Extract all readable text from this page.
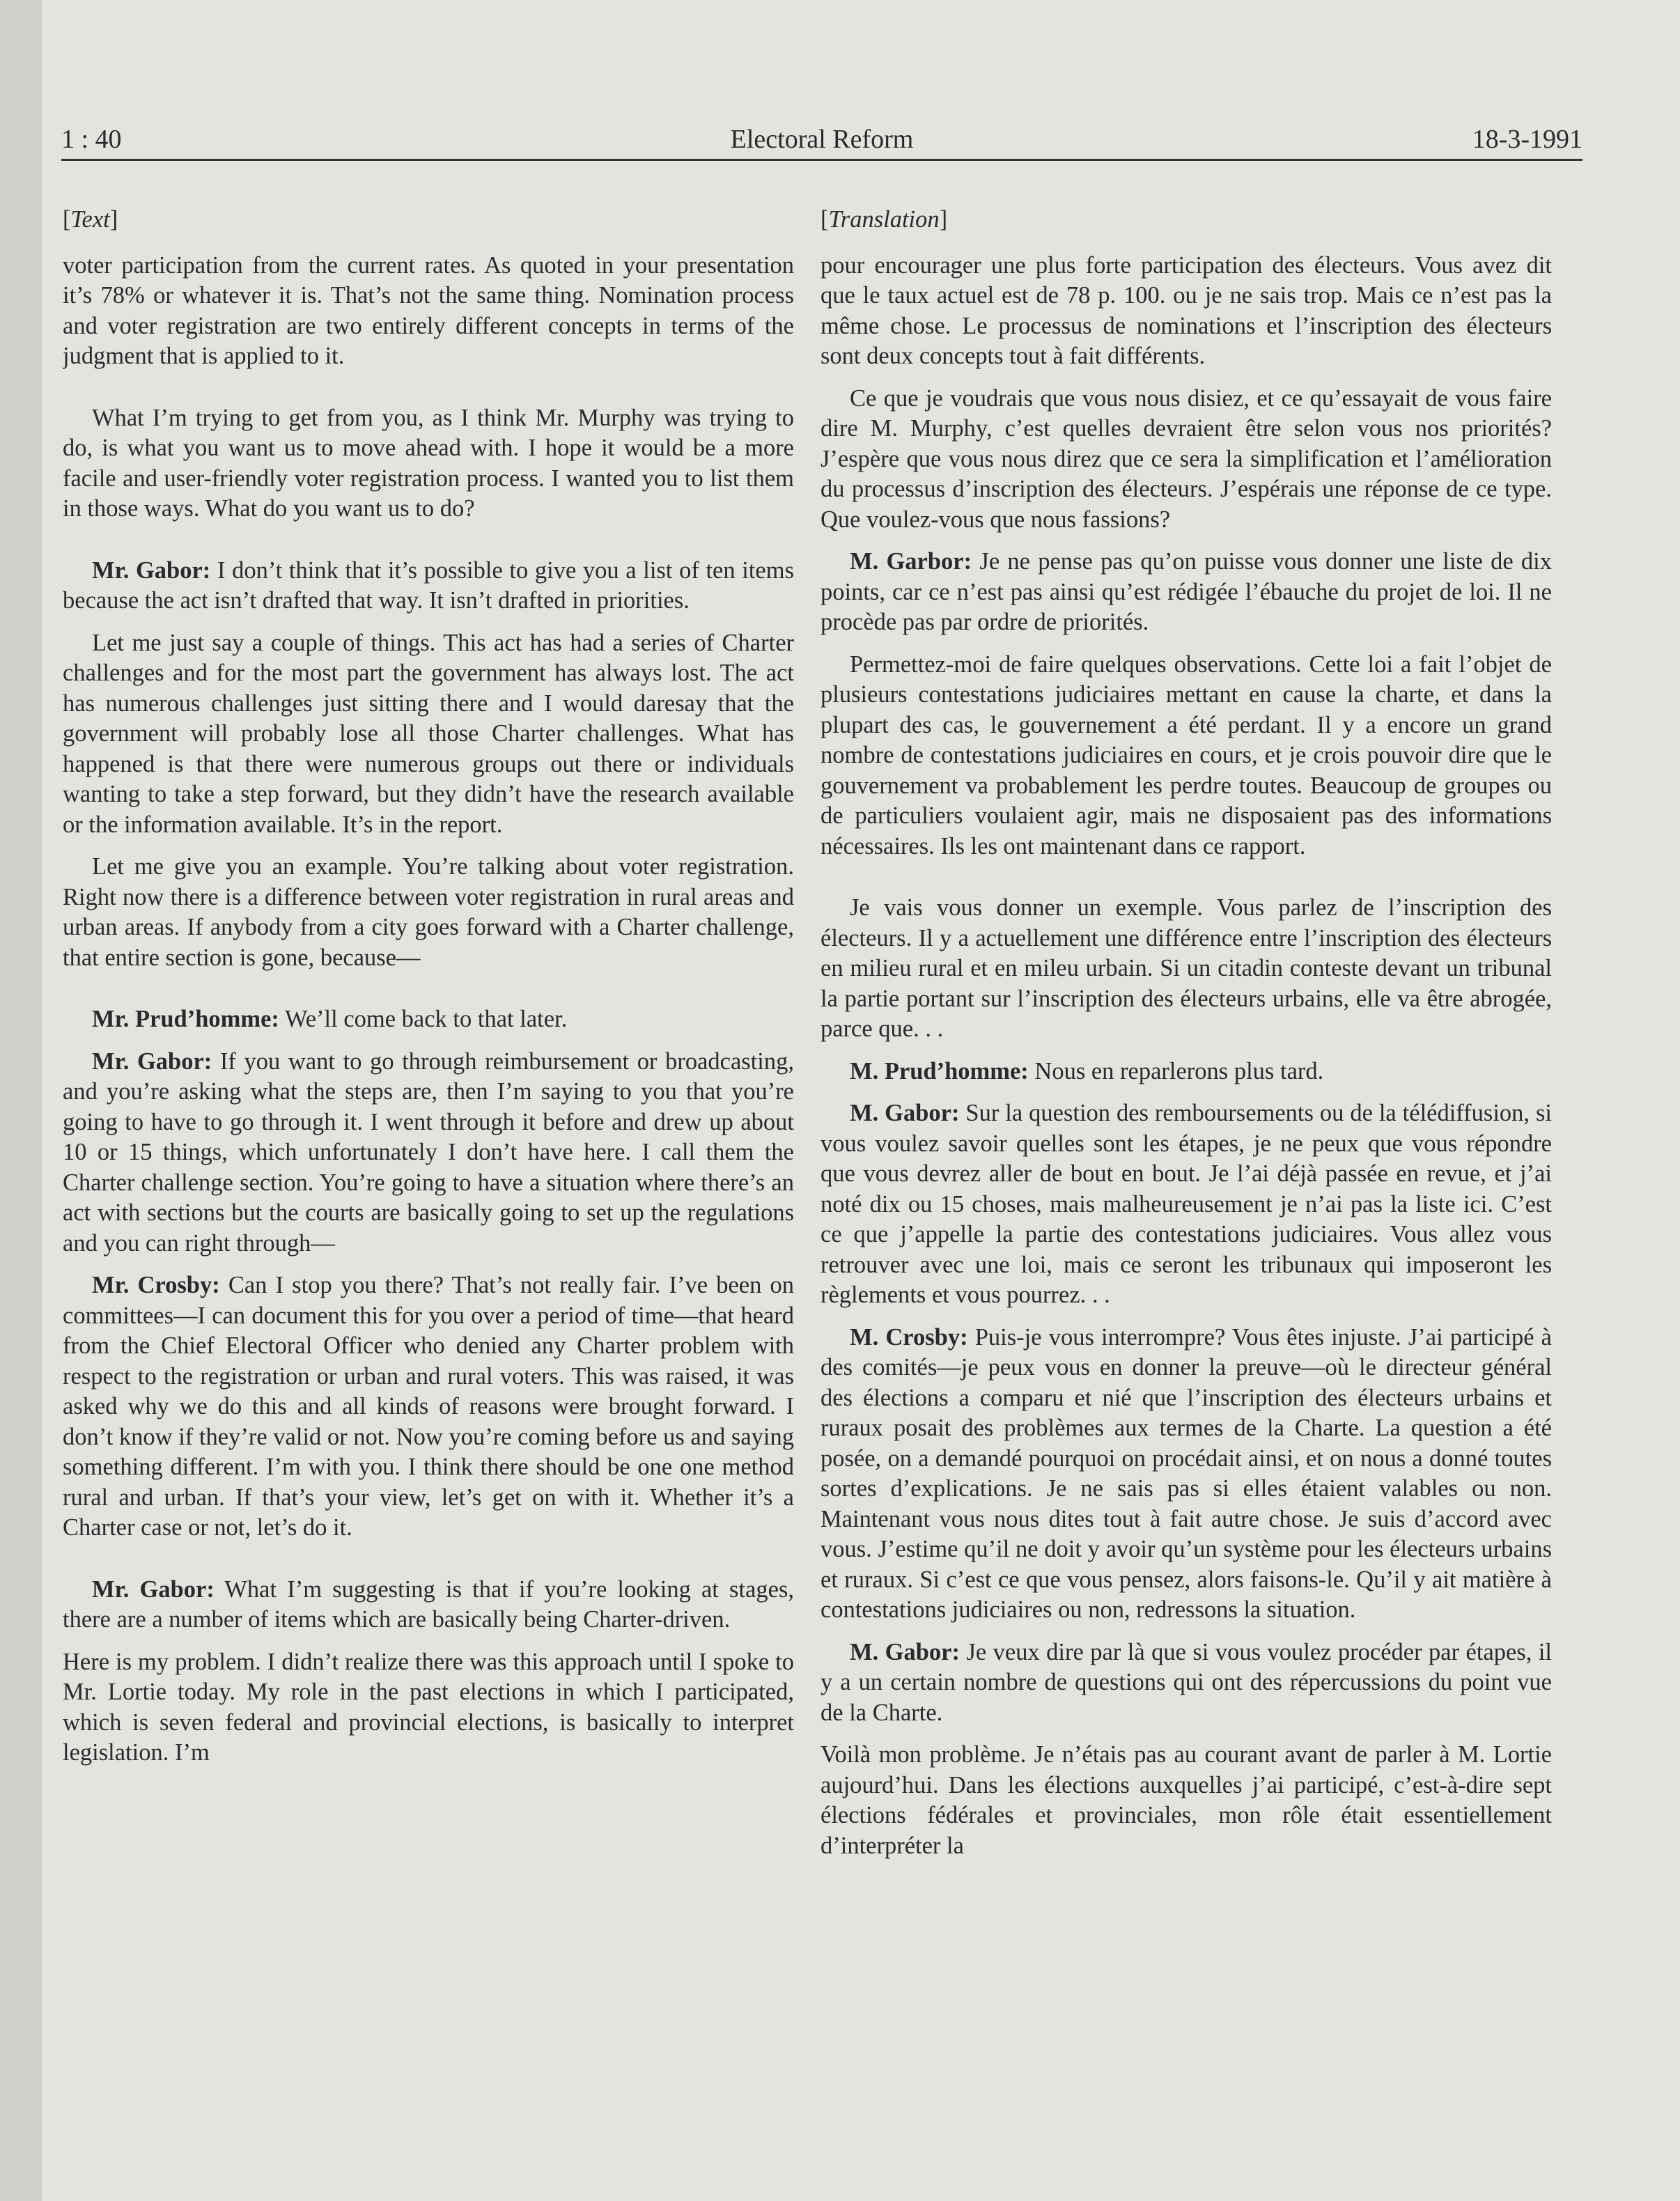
1 : 40	Electoral Reform	18-3-1991
[ Text ]

voter participation from the current rates. As quoted in your presentation it’s 78% or whatever it is. That’s not the same thing. Nomination process and voter registration are two entirely different concepts in terms of the judgment that is applied to it.

What I’m trying to get from you, as I think Mr. Murphy was trying to do, is what you want us to move ahead with. I hope it would be a more facile and user-friendly voter registration process. I wanted you to list them in those ways. What do you want us to do?

Mr. Gabor: I don’t think that it’s possible to give you a list of ten items because the act isn’t drafted that way. It isn’t drafted in priorities.

Let me just say a couple of things. This act has had a series of Charter challenges and for the most part the government has always lost. The act has numerous challenges just sitting there and I would daresay that the government will probably lose all those Charter challenges. What has happened is that there were numerous groups out there or individuals wanting to take a step forward, but they didn’t have the research available or the information available. It’s in the report.

Let me give you an example. You’re talking about voter registration. Right now there is a difference between voter registration in rural areas and urban areas. If anybody from a city goes forward with a Charter challenge, that entire section is gone, because—

Mr. Prud’homme: We’ll come back to that later.

Mr. Gabor: If you want to go through reimbursement or broadcasting, and you’re asking what the steps are, then I’m saying to you that you’re going to have to go through it. I went through it before and drew up about 10 or 15 things, which unfortunately I don’t have here. I call them the Charter challenge section. You’re going to have a situation where there’s an act with sections but the courts are basically going to set up the regulations and you can right through—

Mr. Crosby: Can I stop you there? That’s not really fair. I’ve been on committees—I can document this for you over a period of time—that heard from the Chief Electoral Officer who denied any Charter problem with respect to the registration or urban and rural voters. This was raised, it was asked why we do this and all kinds of reasons were brought forward. I don’t know if they’re valid or not. Now you’re coming before us and saying something different. I’m with you. I think there should be one one method rural and urban. If that’s your view, let’s get on with it. Whether it’s a Charter case or not, let’s do it.

Mr. Gabor: What I’m suggesting is that if you’re looking at stages, there are a number of items which are basically being Charter-driven.

Here is my problem. I didn’t realize there was this approach until I spoke to Mr. Lortie today. My role in the past elections in which I participated, which is seven federal and provincial elections, is basically to interpret legislation. I’m

[ Translation ]

pour encourager une plus forte participation des électeurs. Vous avez dit que le taux actuel est de 78 p. 100. ou je ne sais trop. Mais ce n’est pas la même chose. Le processus de nominations et l’inscription des électeurs sont deux concepts tout à fait différents.

Ce que je voudrais que vous nous disiez, et ce qu’essayait de vous faire dire M. Murphy, c’est quelles devraient être selon vous nos priorités? J’espère que vous nous direz que ce sera la simplification et l’amélioration du processus d’inscription des électeurs. J’espérais une réponse de ce type. Que voulez-vous que nous fassions?

M. Garbor: Je ne pense pas qu’on puisse vous donner une liste de dix points, car ce n’est pas ainsi qu’est rédigée l’ébauche du projet de loi. Il ne procède pas par ordre de priorités.

Permettez-moi de faire quelques observations. Cette loi a fait l’objet de plusieurs contestations judiciaires mettant en cause la charte, et dans la plupart des cas, le gouvernement a été perdant. Il y a encore un grand nombre de contestations judiciaires en cours, et je crois pouvoir dire que le gouvernement va probablement les perdre toutes. Beaucoup de groupes ou de particuliers voulaient agir, mais ne disposaient pas des informations nécessaires. Ils les ont maintenant dans ce rapport.

Je vais vous donner un exemple. Vous parlez de l’inscription des électeurs. Il y a actuellement une différence entre l’inscription des électeurs en milieu rural et en mileu urbain. Si un citadin conteste devant un tribunal la partie portant sur l’inscription des électeurs urbains, elle va être abrogée, parce que. . .

M. Prud’homme: Nous en reparlerons plus tard.

M. Gabor: Sur la question des remboursements ou de la télédiffusion, si vous voulez savoir quelles sont les étapes, je ne peux que vous répondre que vous devrez aller de bout en bout. Je l’ai déjà passée en revue, et j’ai noté dix ou 15 choses, mais malheureusement je n’ai pas la liste ici. C’est ce que j’appelle la partie des contestations judiciaires. Vous allez vous retrouver avec une loi, mais ce seront les tribunaux qui imposeront les règlements et vous pourrez. . .

M. Crosby: Puis-je vous interrompre? Vous êtes injuste. J’ai participé à des comités—je peux vous en donner la preuve—où le directeur général des élections a comparu et nié que l’inscription des électeurs urbains et ruraux posait des problèmes aux termes de la Charte. La question a été posée, on a demandé pourquoi on procédait ainsi, et on nous a donné toutes sortes d’explications. Je ne sais pas si elles étaient valables ou non. Maintenant vous nous dites tout à fait autre chose. Je suis d’accord avec vous. J’estime qu’il ne doit y avoir qu’un système pour les électeurs urbains et ruraux. Si c’est ce que vous pensez, alors faisons-le. Qu’il y ait matière à contestations judiciaires ou non, redressons la situation.

M. Gabor: Je veux dire par là que si vous voulez procéder par étapes, il y a un certain nombre de questions qui ont des répercussions du point vue de la Charte.

Voilà mon problème. Je n’étais pas au courant avant de parler à M. Lortie aujourd’hui. Dans les élections auxquelles j’ai participé, c’est-à-dire sept élections fédérales et provinciales, mon rôle était essentiellement d’interpréter la
